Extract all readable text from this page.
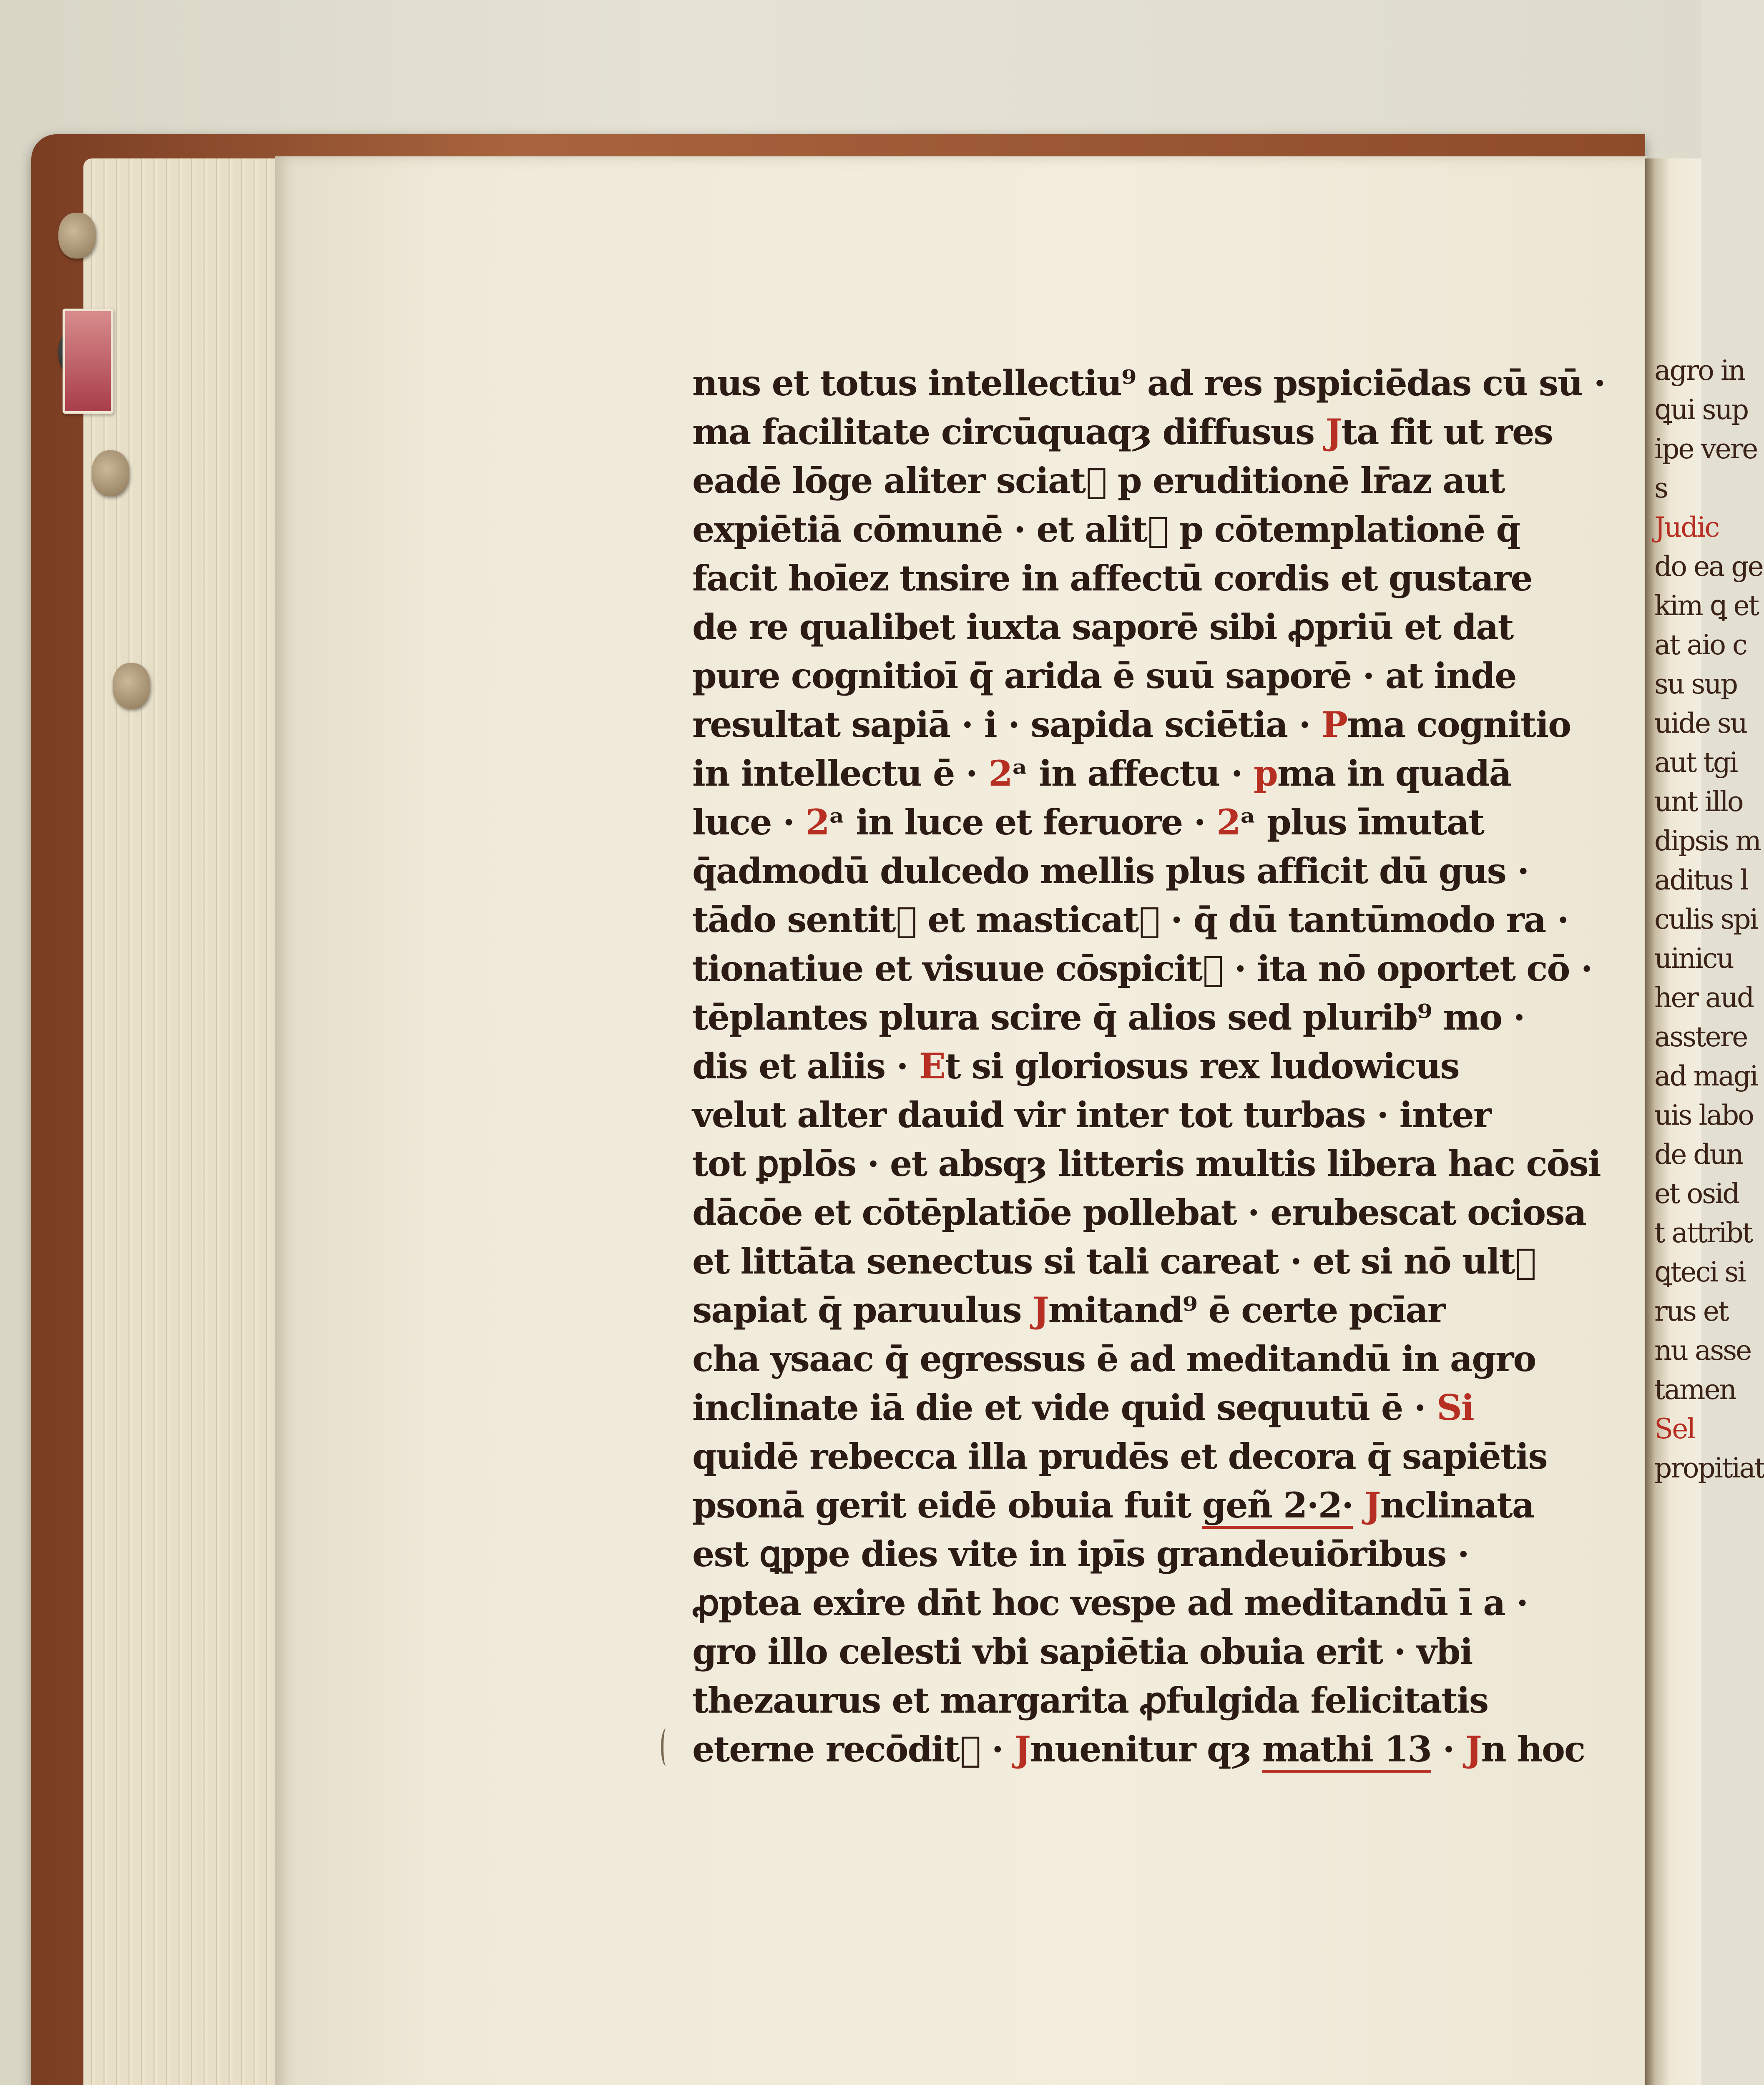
nus et totus intellectiu⁹ ad res pspiciēdas cū sū ·
ma facilitate circūquaqȝ diffusus Jta fit ut res
eadē lōge aliter sciat᷑ p eruditionē lr̄az aut
expiētiā cōmunē · et alit᷑ p cōtemplationē q̄
facit hoīez tnsire in affectū cordis et gustare
de re qualibet iuxta saporē sibi ꝓpriū et dat
pure cognitioī q̄ arida ē suū saporē · at inde
resultat sapiā · i · sapida sciētia · Pma cognitio
in intellectu ē · 2ᵃ in affectu · pma in quadā
luce · 2ᵃ in luce et feruore · 2ᵃ plus īmutat
q̄admodū dulcedo mellis plus afficit dū gus ·
tādo sentit᷑ et masticat᷑ · q̄ dū tantūmodo ra ·
tionatiue et visuue cōspicit᷑ · ita nō oportet cō ·
tēplantes plura scire q̄ alios sed plurib⁹ mo ·
dis et aliis · Et si gloriosus rex ludowicus
velut alter dauid vir inter tot turbas · inter
tot ꝑplōs · et absqȝ litteris multis libera hac cōsi
dācōe et cōtēplatiōe pollebat · erubescat ociosa
et littāta senectus si tali careat · et si nō ult᷑
sapiat q̄ paruulus Jmitand⁹ ē certe pcīar
cha ysaac q̄ egressus ē ad meditandū in agro
inclinate iā die et vide quid sequutū ē · Si
quidē rebecca illa prudēs et decora q̄ sapiētis
psonā gerit eidē obuia fuit geñ 2·2· Jnclinata
est ꝗppe dies vite in ipīs grandeuiōribus ·
ꝓptea exire dn̄t hoc vespe ad meditandū ī a ·
gro illo celesti vbi sapiētia obuia erit · vbi
thezaurus et margarita ꝓfulgida felicitatis
eterne recōdit᷑ · Jnuenitur qȝ mathi 13 · Jn hoc
agro in
ꝗui sup
ipe vere
s
Judic
do ea ge
kim ꝗ et
at aio c
su sup
uide su
aut tgi
unt illo
dipsis m
aditus l
culis spi
uinicu
her aud
asstere
ad magi
uis labo
de dun
et osid
t attribt
ꝗteci si
rus et
nu asse
tamen
Sel
propitiat
